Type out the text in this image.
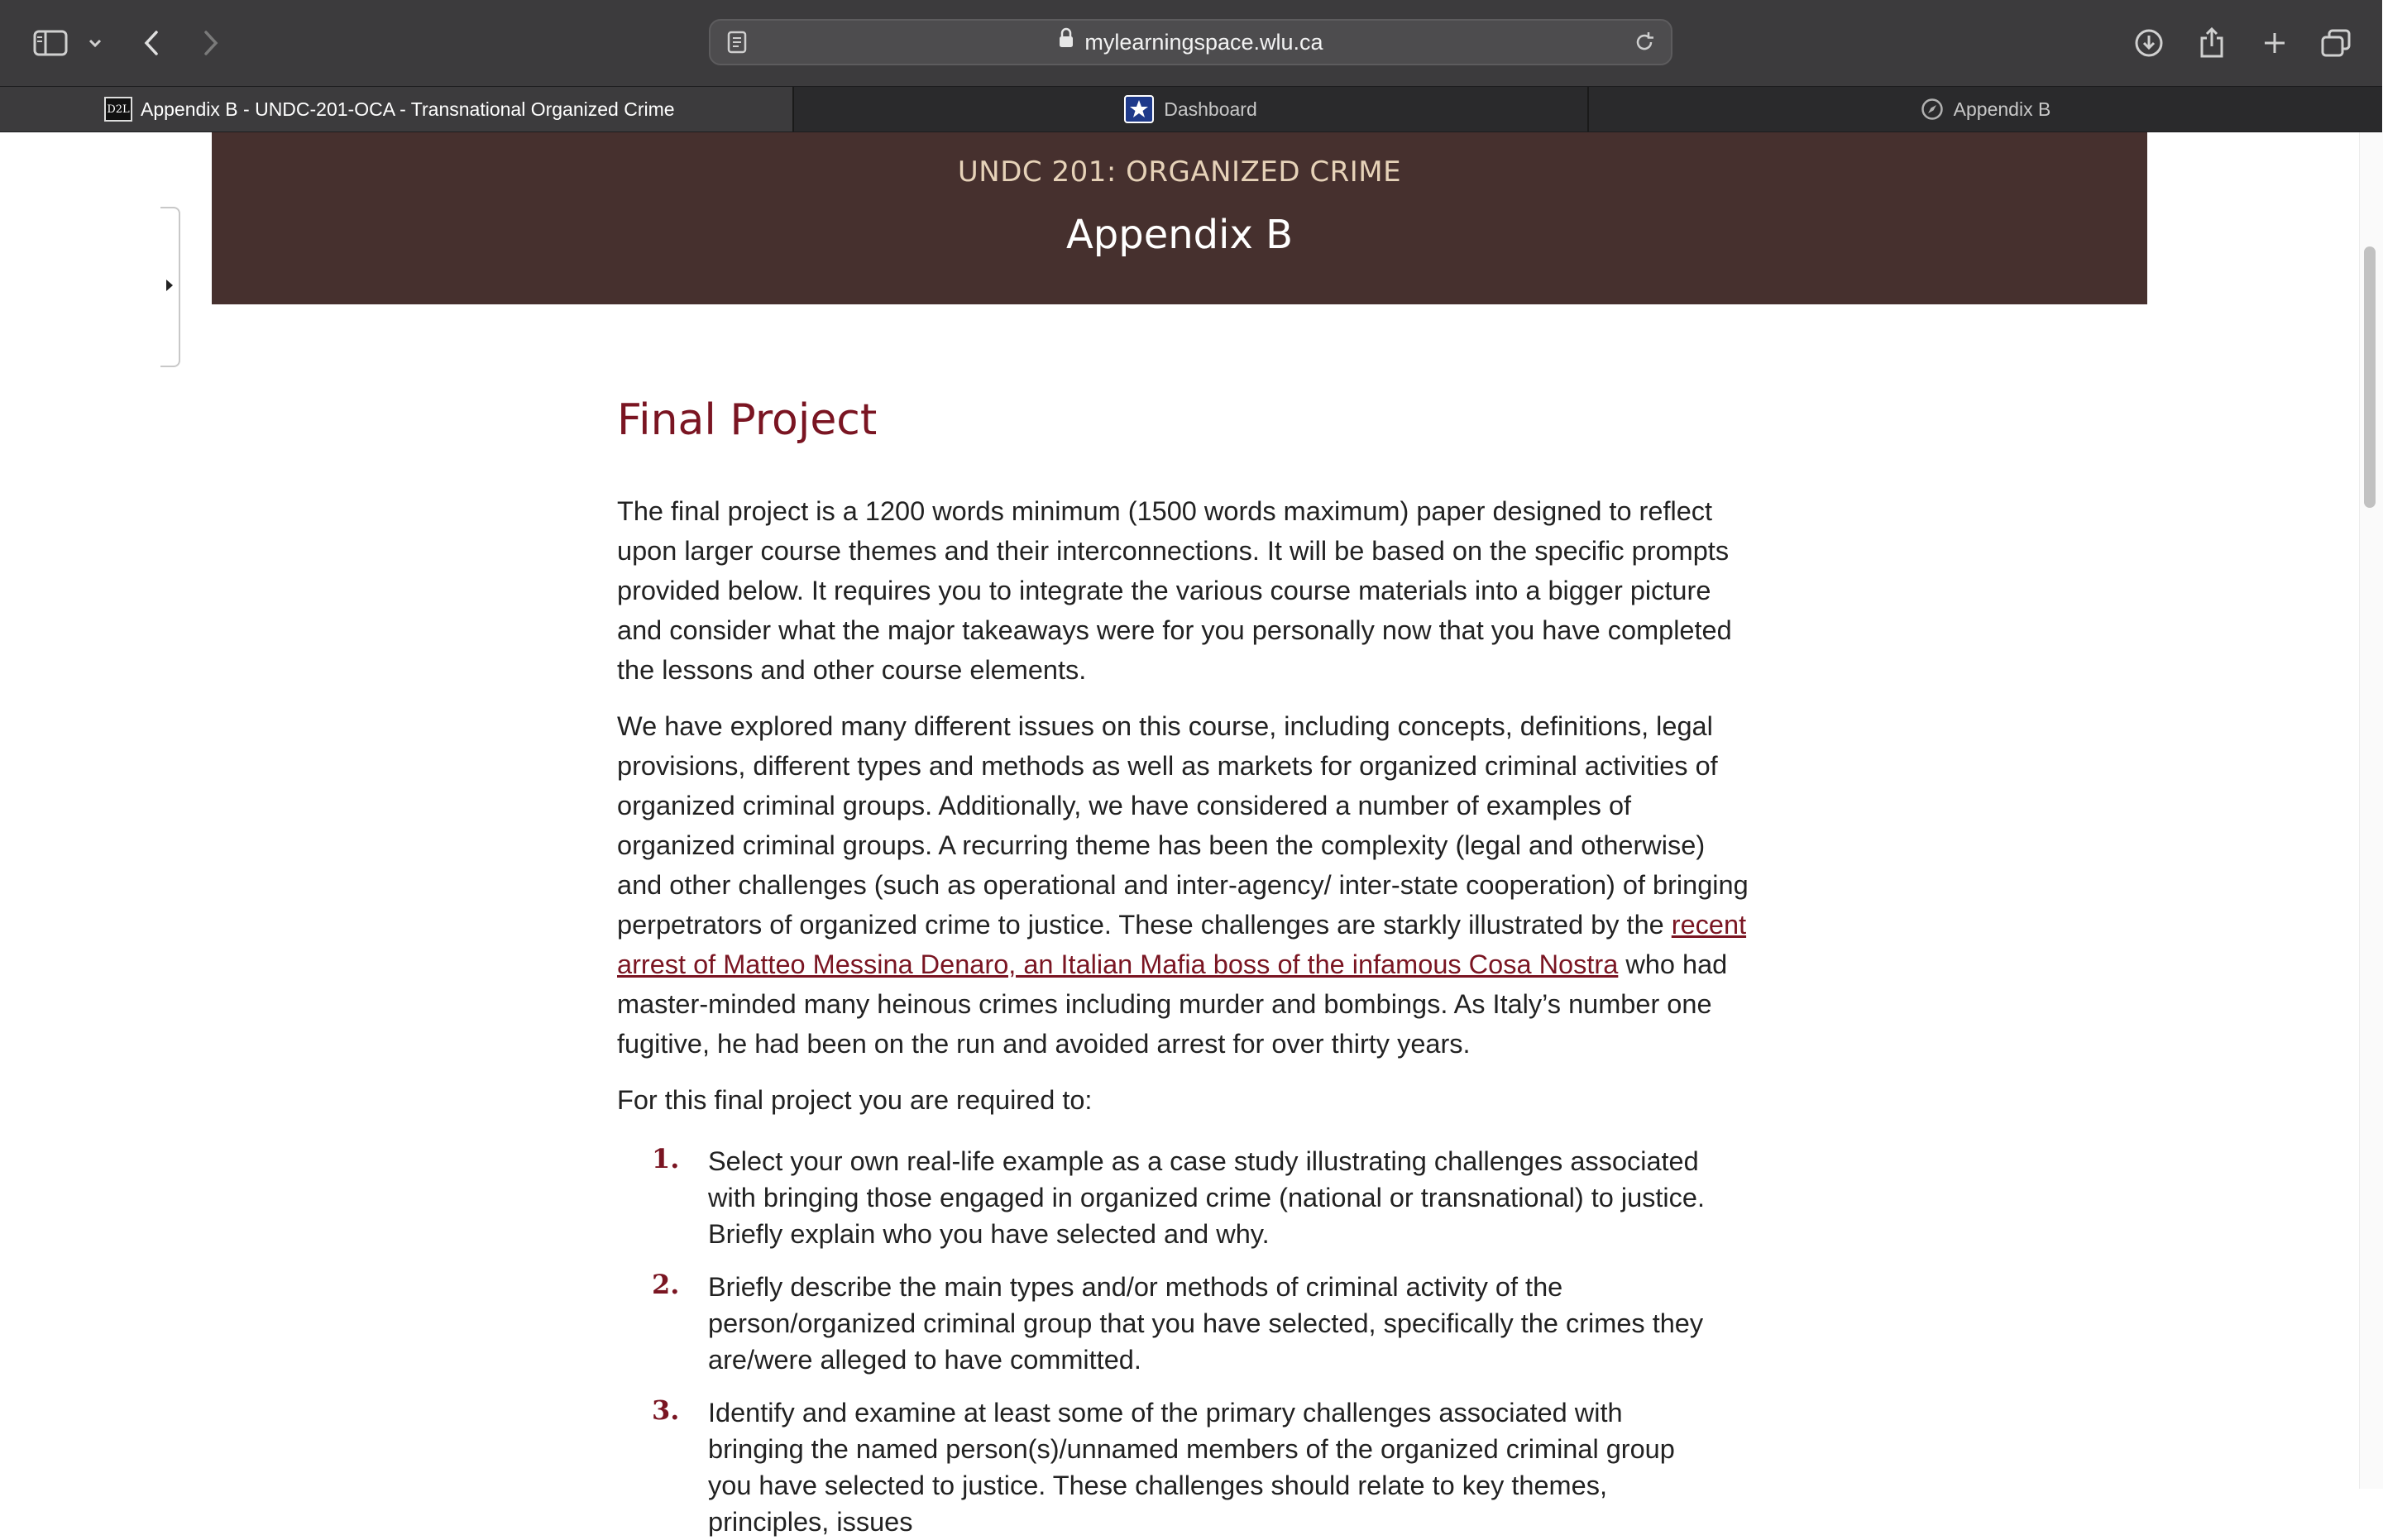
mylearningspace.wlu.ca
D2L Appendix B - UNDC-201-OCA - Transnational Organized Crime	Dashboard	Appendix B
UNDC 201: ORGANIZED CRIME
Appendix B
Final Project

The final project is a 1200 words minimum (1500 words maximum) paper designed to reflect upon larger course themes and their interconnections. It will be based on the specific prompts provided below. It requires you to integrate the various course materials into a bigger picture and consider what the major takeaways were for you personally now that you have completed the lessons and other course elements.

We have explored many different issues on this course, including concepts, definitions, legal provisions, different types and methods as well as markets for organized criminal activities of organized criminal groups. Additionally, we have considered a number of examples of organized criminal groups. A recurring theme has been the complexity (legal and otherwise) and other challenges (such as operational and inter-agency/ inter-state cooperation) of bringing perpetrators of organized crime to justice. These challenges are starkly illustrated by the recent arrest of Matteo Messina Denaro, an Italian Mafia boss of the infamous Cosa Nostra who had master-minded many heinous crimes including murder and bombings. As Italy’s number one fugitive, he had been on the run and avoided arrest for over thirty years.

For this final project you are required to:

1. Select your own real-life example as a case study illustrating challenges associated with bringing those engaged in organized crime (national or transnational) to justice. Briefly explain who you have selected and why.

2. Briefly describe the main types and/or methods of criminal activity of the person/organized criminal group that you have selected, specifically the crimes they are/were alleged to have committed.

3. Identify and examine at least some of the primary challenges associated with bringing the named person(s)/unnamed members of the organized criminal group you have selected to justice. These challenges should relate to key themes, principles, issues
